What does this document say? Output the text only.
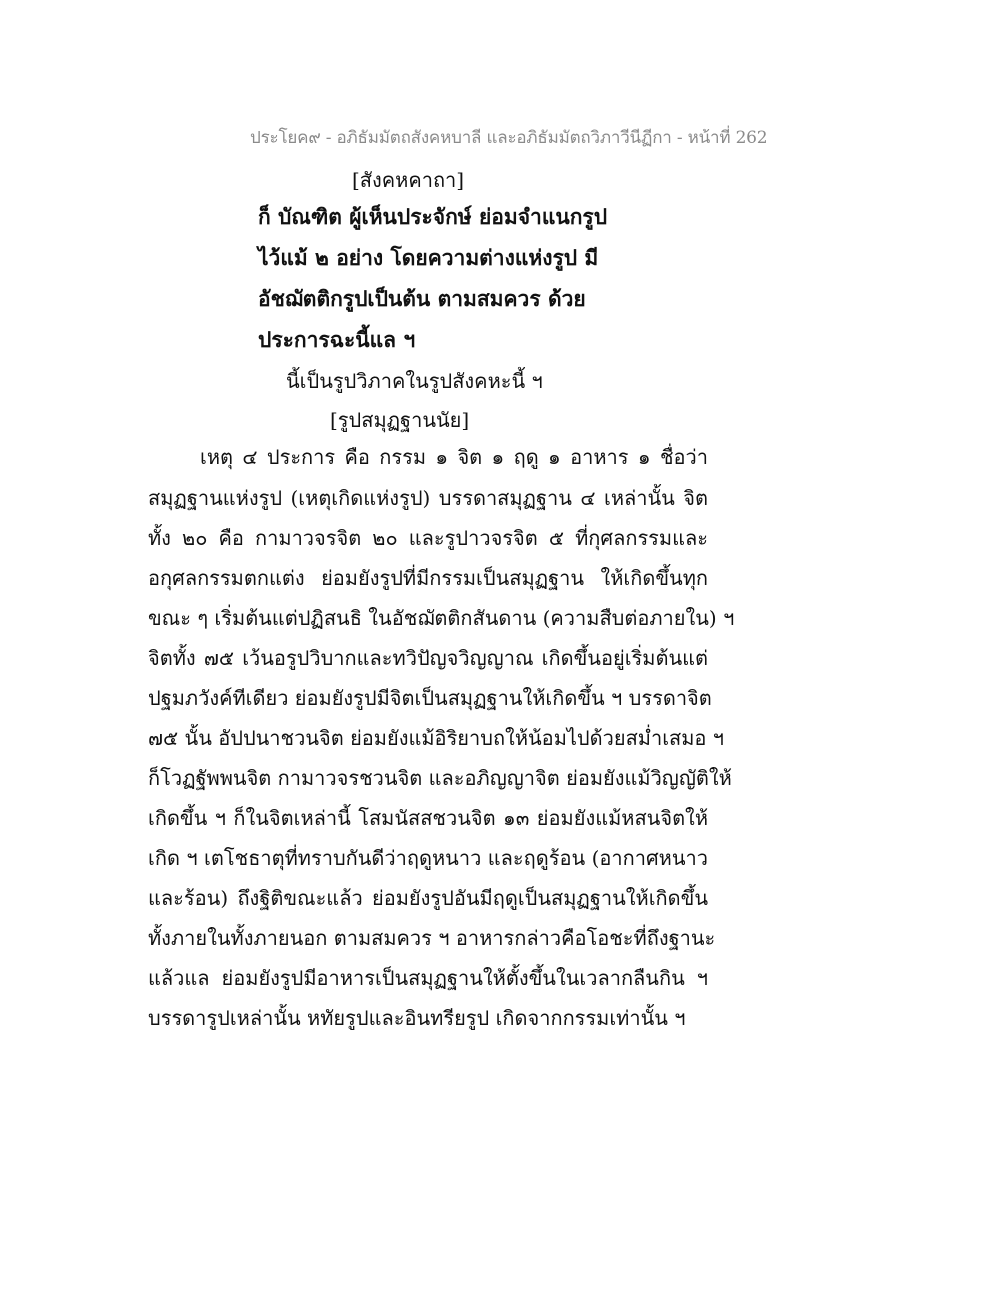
ประโยค๙ - อภิธัมมัตถสังคหบาลี และอภิธัมมัตถวิภาวีนีฏีกา - หน้าที่ 262
[สังคหคาถา]
ก็ บัณฑิต ผู้เห็นประจักษ์ ย่อมจำแนกรูป
ไว้แม้ ๒ อย่าง โดยความต่างแห่งรูป มี
อัชฌัตติกรูปเป็นต้น ตามสมควร ด้วย
ประการฉะนี้แล ฯ
นี้เป็นรูปวิภาคในรูปสังคหะนี้ ฯ
[รูปสมุฏฐานนัย]
เหตุ ๔ ประการ คือ กรรม ๑ จิต ๑ ฤดู ๑ อาหาร ๑ ชื่อว่า
สมุฏฐานแห่งรูป (เหตุเกิดแห่งรูป) บรรดาสมุฏฐาน ๔ เหล่านั้น จิต
ทั้ง ๒๐ คือ กามาวจรจิต ๒๐ และรูปาวจรจิต ๕ ที่กุศลกรรมและ
อกุศลกรรมตกแต่ง ย่อมยังรูปที่มีกรรมเป็นสมุฏฐาน ให้เกิดขึ้นทุก
ขณะ ๆ เริ่มต้นแต่ปฏิสนธิ ในอัชฌัตติกสันดาน (ความสืบต่อภายใน) ฯ
จิตทั้ง ๗๕ เว้นอรูปวิบากและทวิปัญจวิญญาณ เกิดขึ้นอยู่เริ่มต้นแต่
ปฐมภวังค์ทีเดียว ย่อมยังรูปมีจิตเป็นสมุฏฐานให้เกิดขึ้น ฯ บรรดาจิต
๗๕ นั้น อัปปนาชวนจิต ย่อมยังแม้อิริยาบถให้น้อมไปด้วยสม่ำเสมอ ฯ
ก็โวฏฐัพพนจิต กามาวจรชวนจิต และอภิญญาจิต ย่อมยังแม้วิญญัติให้
เกิดขึ้น ฯ ก็ในจิตเหล่านี้ โสมนัสสชวนจิต ๑๓ ย่อมยังแม้หสนจิตให้
เกิด ฯ เตโชธาตุที่ทราบกันดีว่าฤดูหนาว และฤดูร้อน (อากาศหนาว
และร้อน) ถึงฐิติขณะแล้ว ย่อมยังรูปอันมีฤดูเป็นสมุฏฐานให้เกิดขึ้น
ทั้งภายในทั้งภายนอก ตามสมควร ฯ อาหารกล่าวคือโอชะที่ถึงฐานะ
แล้วแล ย่อมยังรูปมีอาหารเป็นสมุฏฐานให้ตั้งขึ้นในเวลากลืนกิน ฯ
บรรดารูปเหล่านั้น หทัยรูปและอินทรียรูป เกิดจากกรรมเท่านั้น ฯ
